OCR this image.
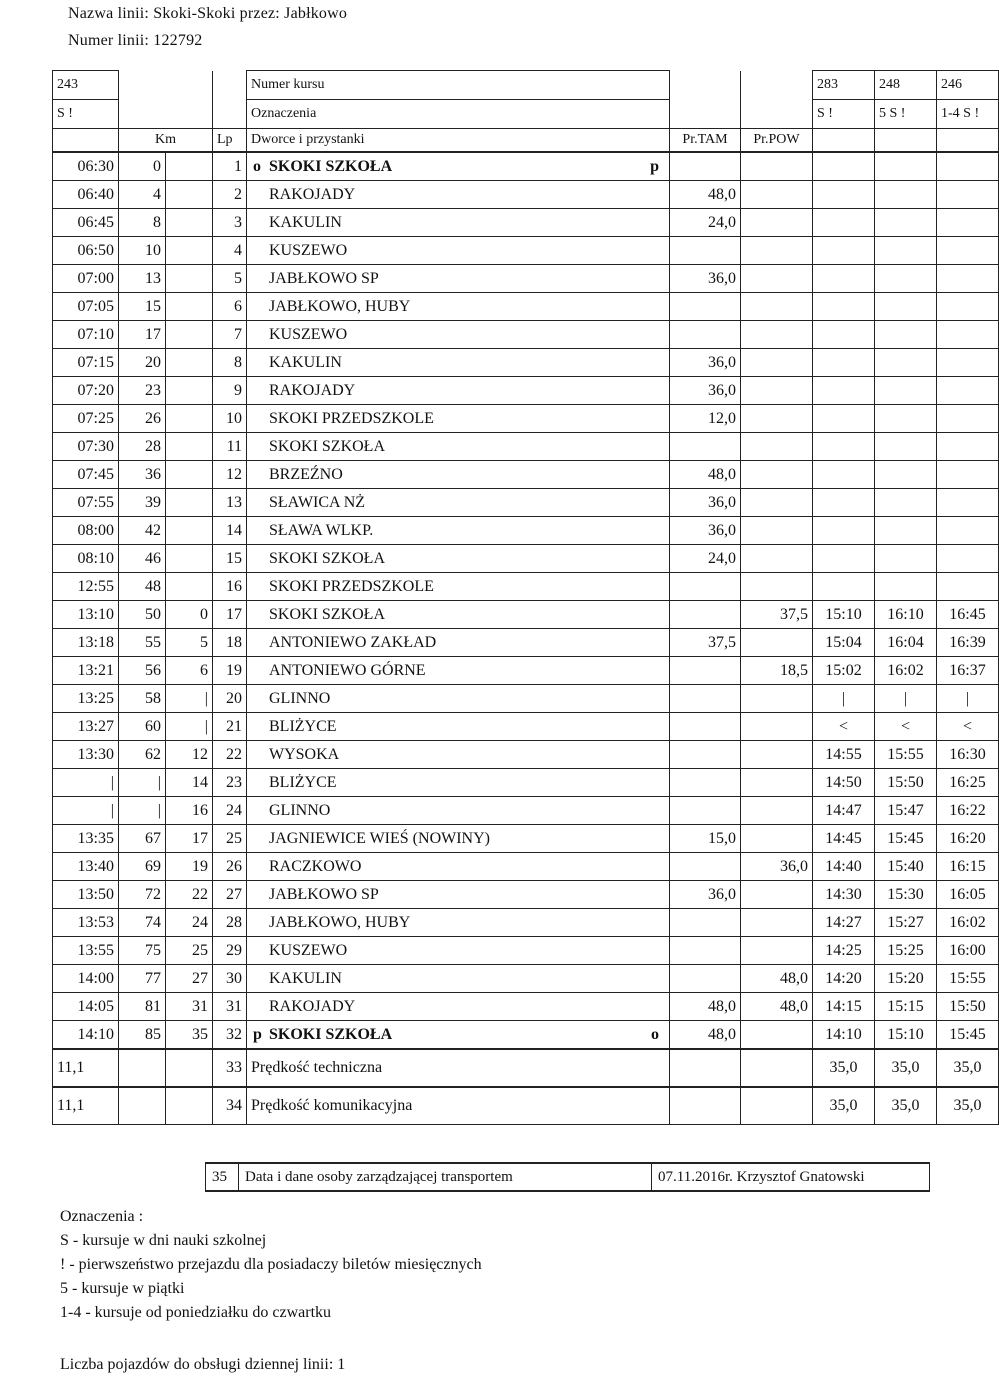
Nazwa linii: Skoki-Skoki przez: Jabłkowo
Numer linii: 122792
243				Numer kursu			283	248	246
S !				Oznaczenia			S !	5 S !	1-4 S !
	Km		Lp	Dworce i przystanki	Pr.TAM	Pr.POW			
06:30	0		1	o SKOKI SZKOŁA p					

06:40	4		2	RAKOJADY	48,0				
06:45	8		3	KAKULIN	24,0				
06:50	10		4	KUSZEWO

07:00	13		5	JABŁKOWO SP	36,0				
07:05	15		6	JABŁKOWO, HUBY

07:10	17		7	KUSZEWO

07:15	20		8	KAKULIN	36,0				
07:20	23		9	RAKOJADY	36,0				
07:25	26		10	SKOKI PRZEDSZKOLE	12,0				
07:30	28		11	SKOKI SZKOŁA

07:45	36		12	BRZEŹNO	48,0				
07:55	39		13	SŁAWICA NŻ	36,0				
08:00	42		14	SŁAWA WLKP.	36,0				
08:10	46		15	SKOKI SZKOŁA	24,0				
12:55	48		16	SKOKI PRZEDSZKOLE

13:10	50	0	17	SKOKI SZKOŁA		37,5	15:10	16:10	16:45
13:18	55	5	18	ANTONIEWO ZAKŁAD	37,5		15:04	16:04	16:39
13:21	56	6	19	ANTONIEWO GÓRNE		18,5	15:02	16:02	16:37
13:25	58	|	20	GLINNO			|	|	|
13:27	60	|	21	BLIŻYCE			<	<	<
13:30	62	12	22	WYSOKA			14:55	15:55	16:30
|	|	14	23	BLIŻYCE			14:50	15:50	16:25
|	|	16	24	GLINNO			14:47	15:47	16:22
13:35	67	17	25	JAGNIEWICE WIEŚ (NOWINY)	15,0		14:45	15:45	16:20
13:40	69	19	26	RACZKOWO		36,0	14:40	15:40	16:15
13:50	72	22	27	JABŁKOWO SP	36,0		14:30	15:30	16:05
13:53	74	24	28	JABŁKOWO, HUBY			14:27	15:27	16:02
13:55	75	25	29	KUSZEWO			14:25	15:25	16:00
14:00	77	27	30	KAKULIN		48,0	14:20	15:20	15:55
14:05	81	31	31	RAKOJADY	48,0	48,0	14:15	15:15	15:50
14:10	85	35	32	p SKOKI SZKOŁA o	48,0		14:10	15:10	15:45
11,1			33	Prędkość techniczna			35,0	35,0	35,0
11,1			34	Prędkość komunikacyjna			35,0	35,0	35,0
35	Data i dane osoby zarządzającej transportem	07.11.2016r. Krzysztof Gnatowski
Oznaczenia :
S - kursuje w dni nauki szkolnej
! - pierwszeństwo przejazdu dla posiadaczy biletów miesięcznych
5 - kursuje w piątki
1-4 - kursuje od poniedziałku do czwartku
Liczba pojazdów do obsługi dziennej linii: 1
